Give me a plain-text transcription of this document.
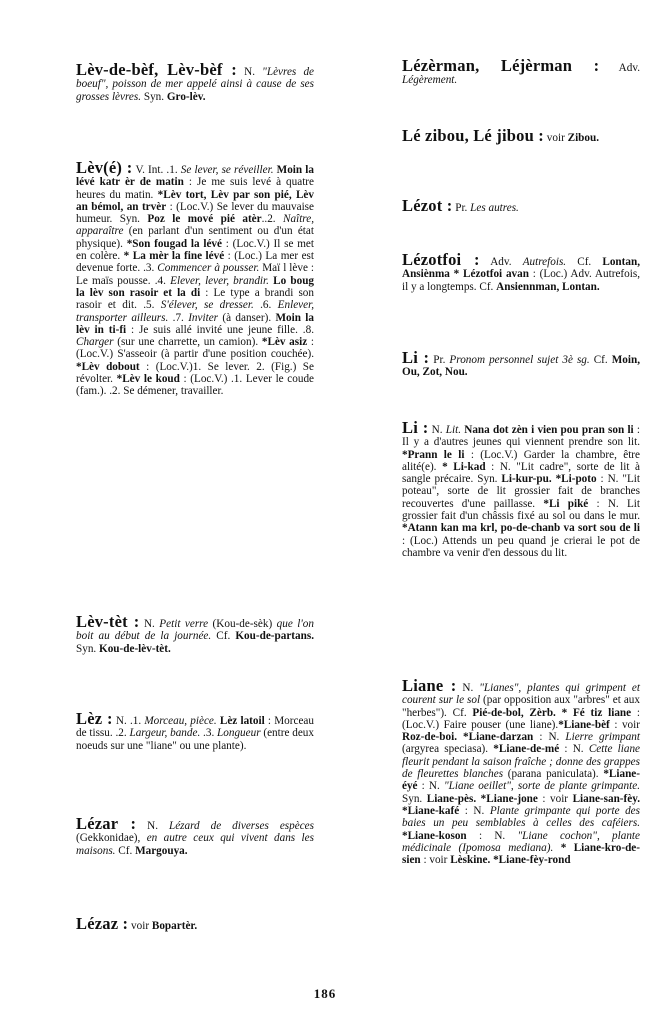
Lèv-de-bèf, Lèv-bèf : N. "Lèvres de boeuf", poisson de mer appelé ainsi à cause de ses grosses lèvres. Syn. Gro-lèv.
Lèv(é) : V. Int. .1. Se lever, se réveiller. Moin la lévé katr èr de matin : Je me suis levé à quatre heures du matin. *Lèv tort, Lèv par son pié, Lèv an bémol, an trvèr : (Loc.V.) Se lever du mauvaise humeur. Syn. Poz le mové pié atèr..2. Naître, apparaître (en parlant d'un sentiment ou d'un état physique). *Son fougad la lévé : (Loc.V.) Il se met en colère. * La mèr la fine lévé : (Loc.) La mer est devenue forte. .3. Commencer à pousser. Maï l lève : Le maïs pousse. .4. Elever, lever, brandir. Lo boug la lèv son rasoir et la di : Le type a brandi son rasoir et dit. .5. S'élever, se dresser. .6. Enlever, transporter ailleurs. .7. Inviter (à danser). Moin la lèv in ti-fi : Je suis allé invité une jeune fille. .8. Charger (sur une charrette, un camion). *Lèv asiz : (Loc.V.) S'asseoir (à partir d'une position couchée). *Lèv dobout : (Loc.V.)1. Se lever. 2. (Fig.) Se révolter. *Lèv le koud : (Loc.V.) .1. Lever le coude (fam.). .2. Se démener, travailler.
Lèv-tèt : N. Petit verre (Kou-de-sèk) que l'on boit au début de la journée. Cf. Kou-de-partans. Syn. Kou-de-lèv-tèt.
Lèz : N. .1. Morceau, pièce. Lèz latoil : Morceau de tissu. .2. Largeur, bande. .3. Longueur (entre deux noeuds sur une "liane" ou une plante).
Lézar : N. Lézard de diverses espèces (Gekkonidae), en autre ceux qui vivent dans les maisons. Cf. Margouya.
Lézaz : voir Bopartèr.
Lézèrman, Léjèrman : Adv. Légèrement.
Lé zibou, Lé jibou : voir Zibou.
Lézot : Pr. Les autres.
Lézotfoi : Adv. Autrefois. Cf. Lontan, Ansiènma * Lézotfoi avan : (Loc.) Adv. Autrefois, il y a longtemps. Cf. Ansiennman, Lontan.
Li : Pr. Pronom personnel sujet 3è sg. Cf. Moin, Ou, Zot, Nou.
Li : N. Lit. Nana dot zèn i vien pou pran son li : Il y a d'autres jeunes qui viennent prendre son lit. *Prann le li : (Loc.V.) Garder la chambre, être alité(e). * Li-kad : N. "Lit cadre", sorte de lit à sangle précaire. Syn. Li-kur-pu. *Li-poto : N. "Lit poteau", sorte de lit grossier fait de branches recouvertes d'une paillasse. *Li piké : N. Lit grossier fait d'un châssis fixé au sol ou dans le mur. *Atann kan ma krl, po-de-chanb va sort sou de li : (Loc.) Attends un peu quand je crierai le pot de chambre va venir d'en dessous du lit.
Liane : N. "Lianes", plantes qui grimpent et courent sur le sol (par opposition aux "arbres" et aux "herbes"). Cf. Pié-de-bol, Zèrb. * Fé tiz liane : (Loc.V.) Faire pouser (une liane).*Liane-bèf : voir Roz-de-boi. *Liane-darzan : N. Lierre grimpant (argyrea speciasa). *Liane-de-mé : N. Cette liane fleurit pendant la saison fraîche ; donne des grappes de fleurettes blanches (parana paniculata). *Liane-éyé : N. "Liane oeillet", sorte de plante grimpante. Syn. Liane-pès. *Liane-jone : voir Liane-san-fèy. *Liane-kafé : N. Plante grimpante qui porte des baies un peu semblables à celles des caféiers. *Liane-koson : N. "Liane cochon", plante médicinale (Ipomosa mediana). * Liane-kro-de-sien : voir Lèskine. *Liane-fèy-rond
186
